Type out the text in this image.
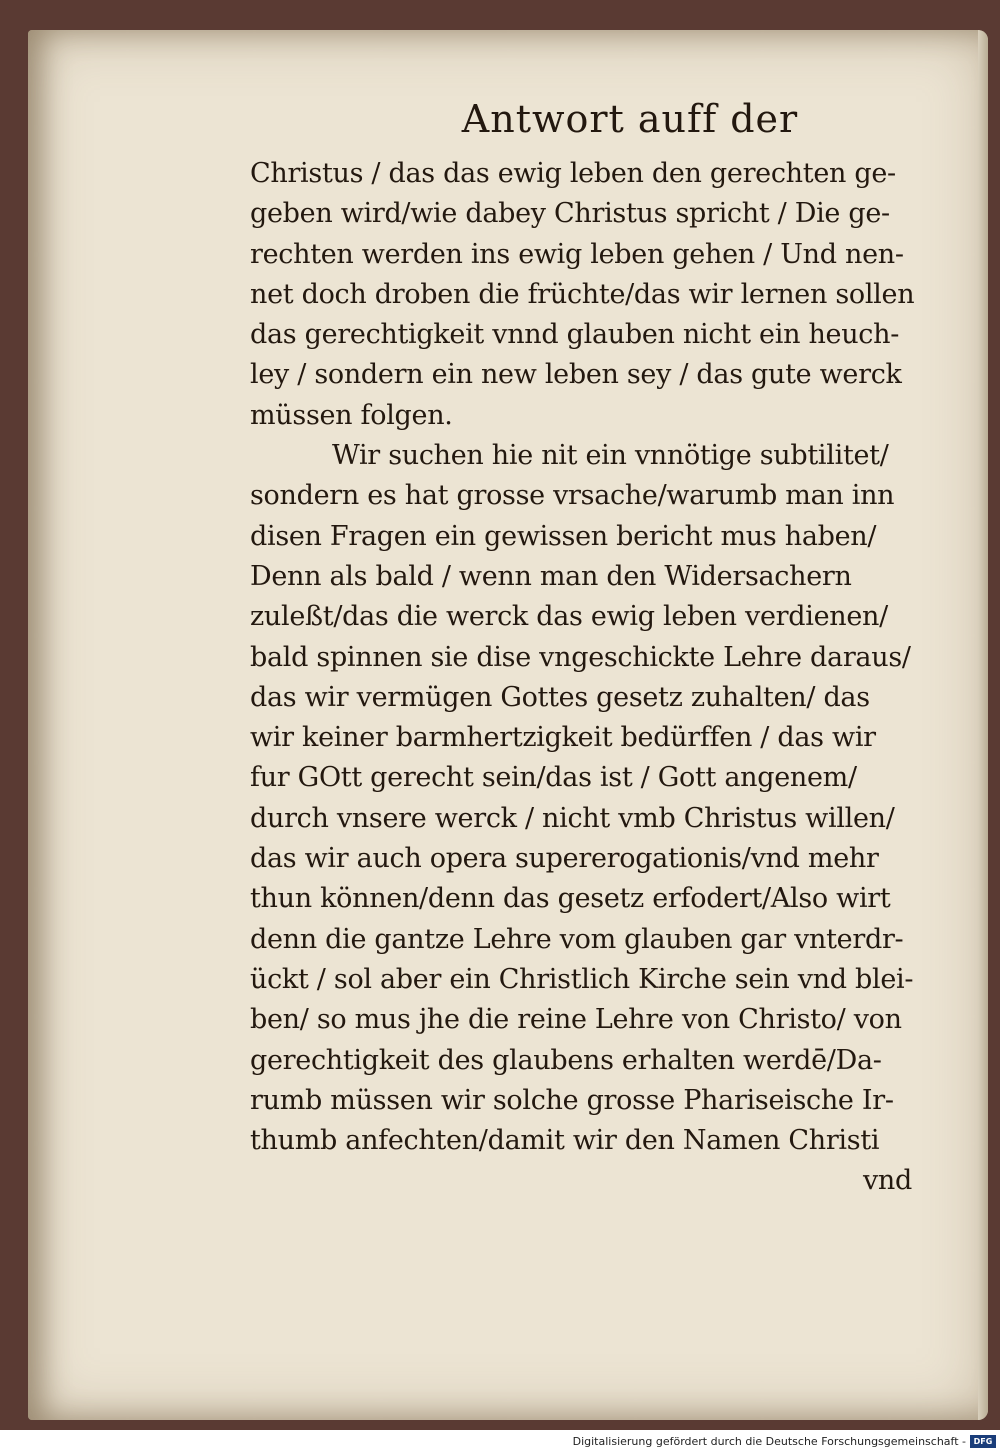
Antwort auff der
Christus / das das ewig leben den gerechten ge-
geben wird/wie dabey Christus spricht / Die ge-
rechten werden ins ewig leben gehen / Und nen-
net doch droben die früchte/das wir lernen sollen
das gerechtigkeit vnnd glauben nicht ein heuch-
ley / sondern ein new leben sey / das gute werck
müssen folgen.
Wir suchen hie nit ein vnnötige subtilitet/
sondern es hat grosse vrsache/warumb man inn
disen Fragen ein gewissen bericht mus haben/
Denn als bald / wenn man den Widersachern
zuleßt/das die werck das ewig leben verdienen/
bald spinnen sie dise vngeschickte Lehre daraus/
das wir vermügen Gottes gesetz zuhalten/ das
wir keiner barmhertzigkeit bedürffen / das wir
fur GOtt gerecht sein/das ist / Gott angenem/
durch vnsere werck / nicht vmb Christus willen/
das wir auch opera supererogationis/vnd mehr
thun können/denn das gesetz erfodert/Also wirt
denn die gantze Lehre vom glauben gar vnterdr-
ückt / sol aber ein Christlich Kirche sein vnd blei-
ben/ so mus jhe die reine Lehre von Christo/ von
gerechtigkeit des glaubens erhalten werdē/Da-
rumb müssen wir solche grosse Phariseische Ir-
thumb anfechten/damit wir den Namen Christi
vnd
Digitalisierung gefördert durch die Deutsche Forschungsgemeinschaft - DFG
